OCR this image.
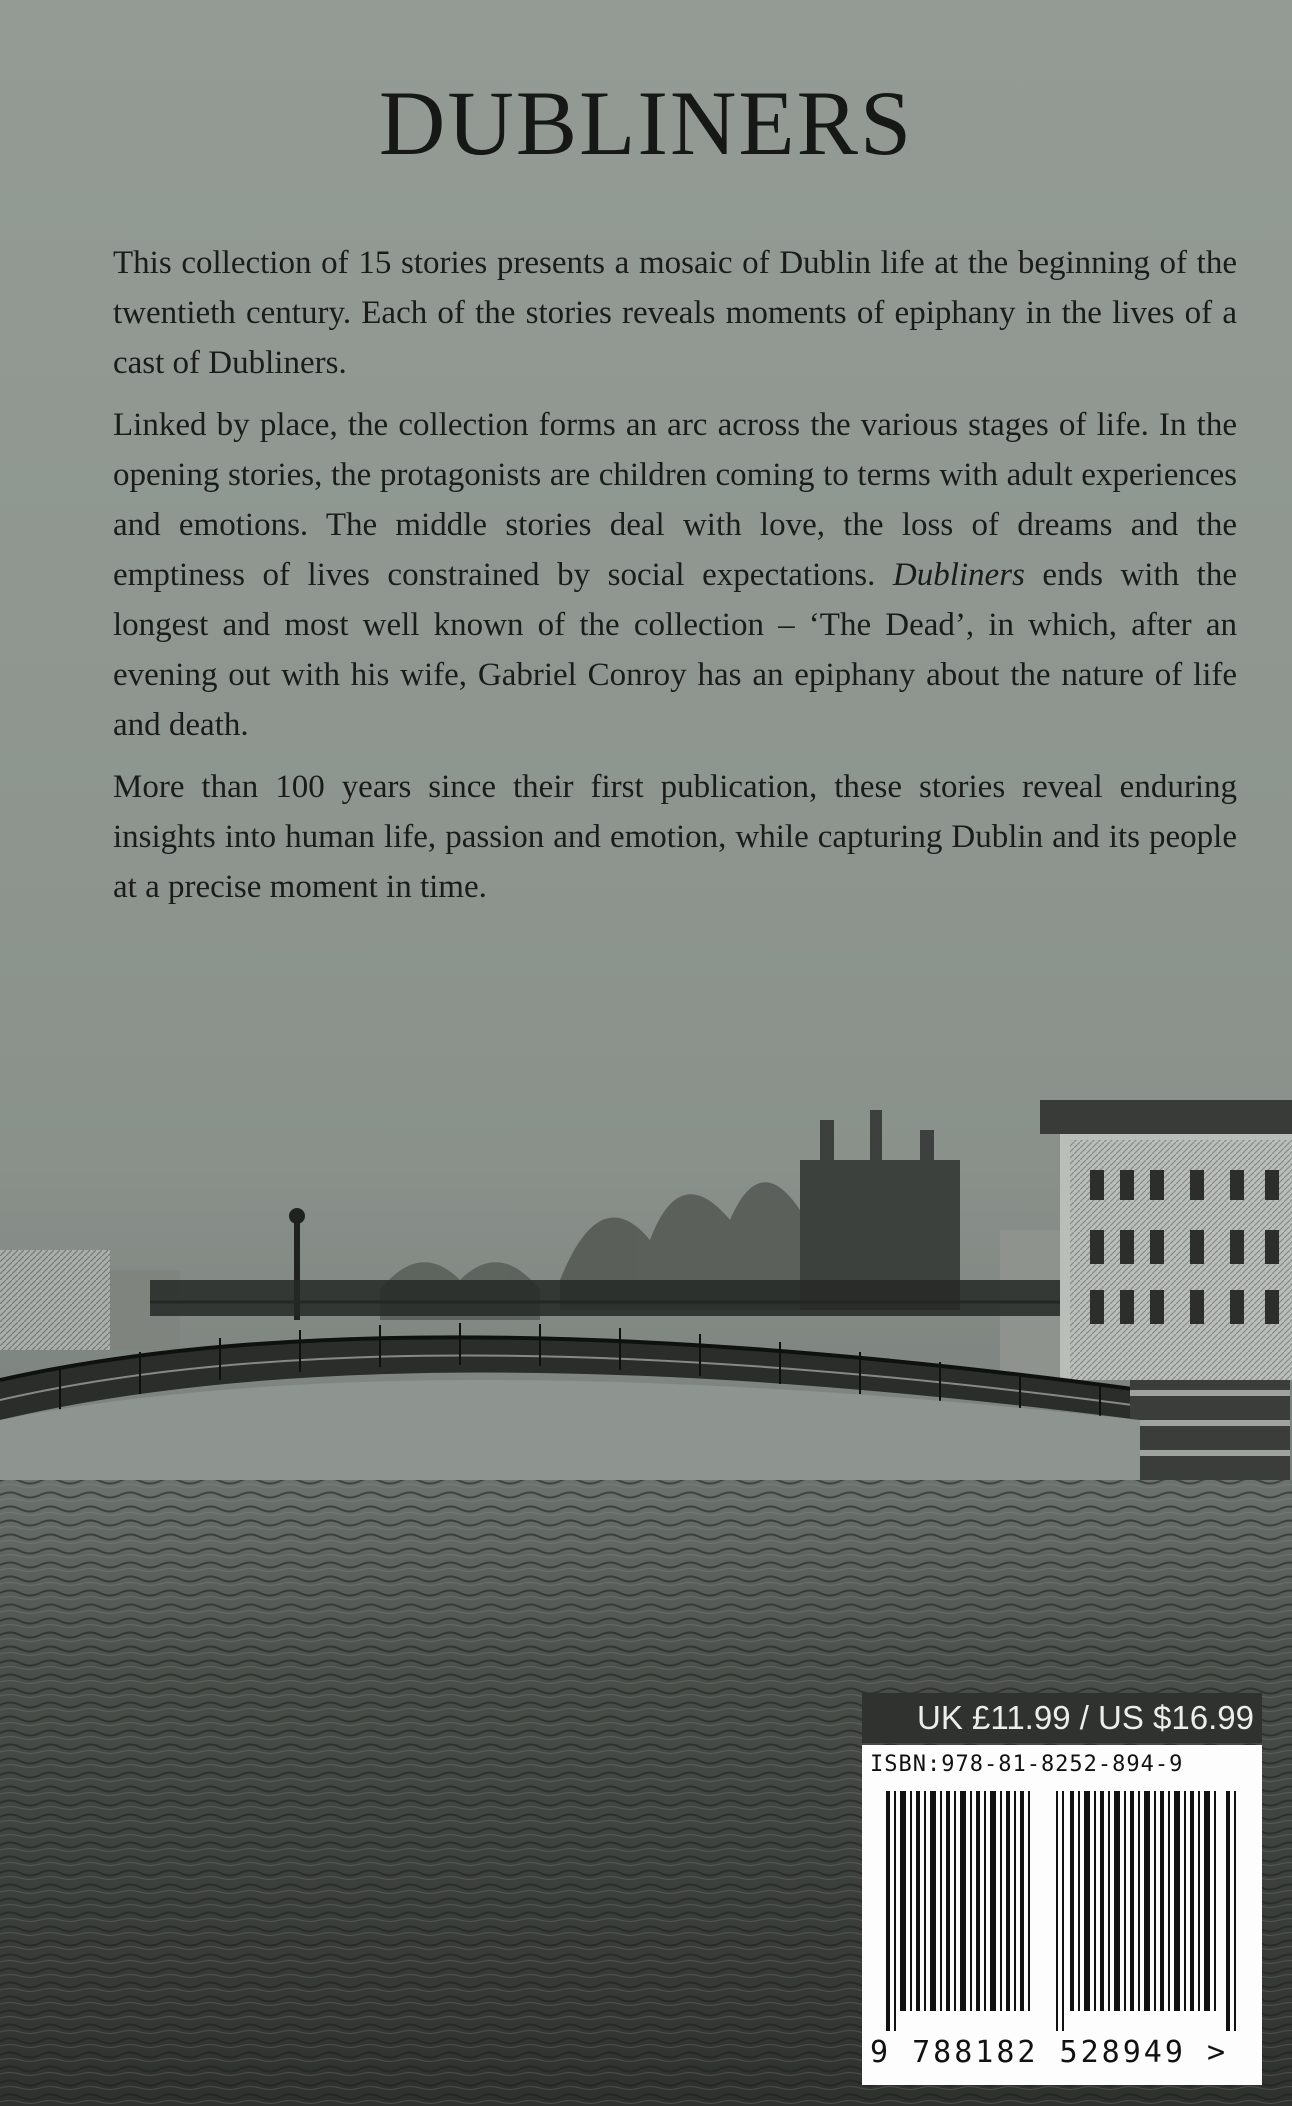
DUBLINERS

This collection of 15 stories presents a mosaic of Dublin life at the beginning of the twentieth century. Each of the stories reveals moments of epiphany in the lives of a cast of Dubliners.

Linked by place, the collection forms an arc across the various stages of life. In the opening stories, the protagonists are children coming to terms with adult experiences and emotions. The middle stories deal with love, the loss of dreams and the emptiness of lives constrained by social expectations. Dubliners ends with the longest and most well known of the collection – ‘The Dead’, in which, after an evening out with his wife, Gabriel Conroy has an epiphany about the nature of life and death.

More than 100 years since their first publication, these stories reveal enduring insights into human life, passion and emotion, while capturing Dublin and its people at a precise moment in time.

UK £11.99 / US $16.99
ISBN:978-81-8252-894-9
9 788182 528949 >
